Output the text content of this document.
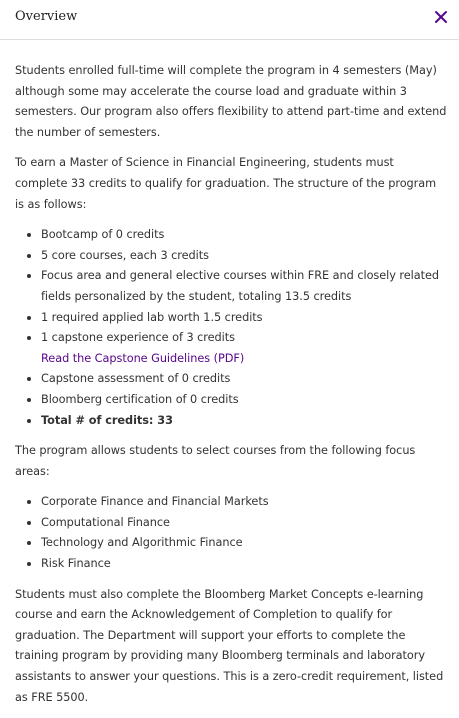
Overview

Students enrolled full-time will complete the program in 4 semesters (May) although some may accelerate the course load and graduate within 3 semesters. Our program also offers flexibility to attend part-time and extend the number of semesters.

To earn a Master of Science in Financial Engineering, students must complete 33 credits to qualify for graduation. The structure of the program is as follows:

Bootcamp of 0 credits
5 core courses, each 3 credits
Focus area and general elective courses within FRE and closely related fields personalized by the student, totaling 13.5 credits
1 required applied lab worth 1.5 credits
1 capstone experience of 3 credits
Read the Capstone Guidelines (PDF)
Capstone assessment of 0 credits
Bloomberg certification of 0 credits
Total # of credits: 33

The program allows students to select courses from the following focus areas:

Corporate Finance and Financial Markets
Computational Finance
Technology and Algorithmic Finance
Risk Finance

Students must also complete the Bloomberg Market Concepts e-learning course and earn the Acknowledgement of Completion to qualify for graduation. The Department will support your efforts to complete the training program by providing many Bloomberg terminals and laboratory assistants to answer your questions. This is a zero-credit requirement, listed as FRE 5500.
